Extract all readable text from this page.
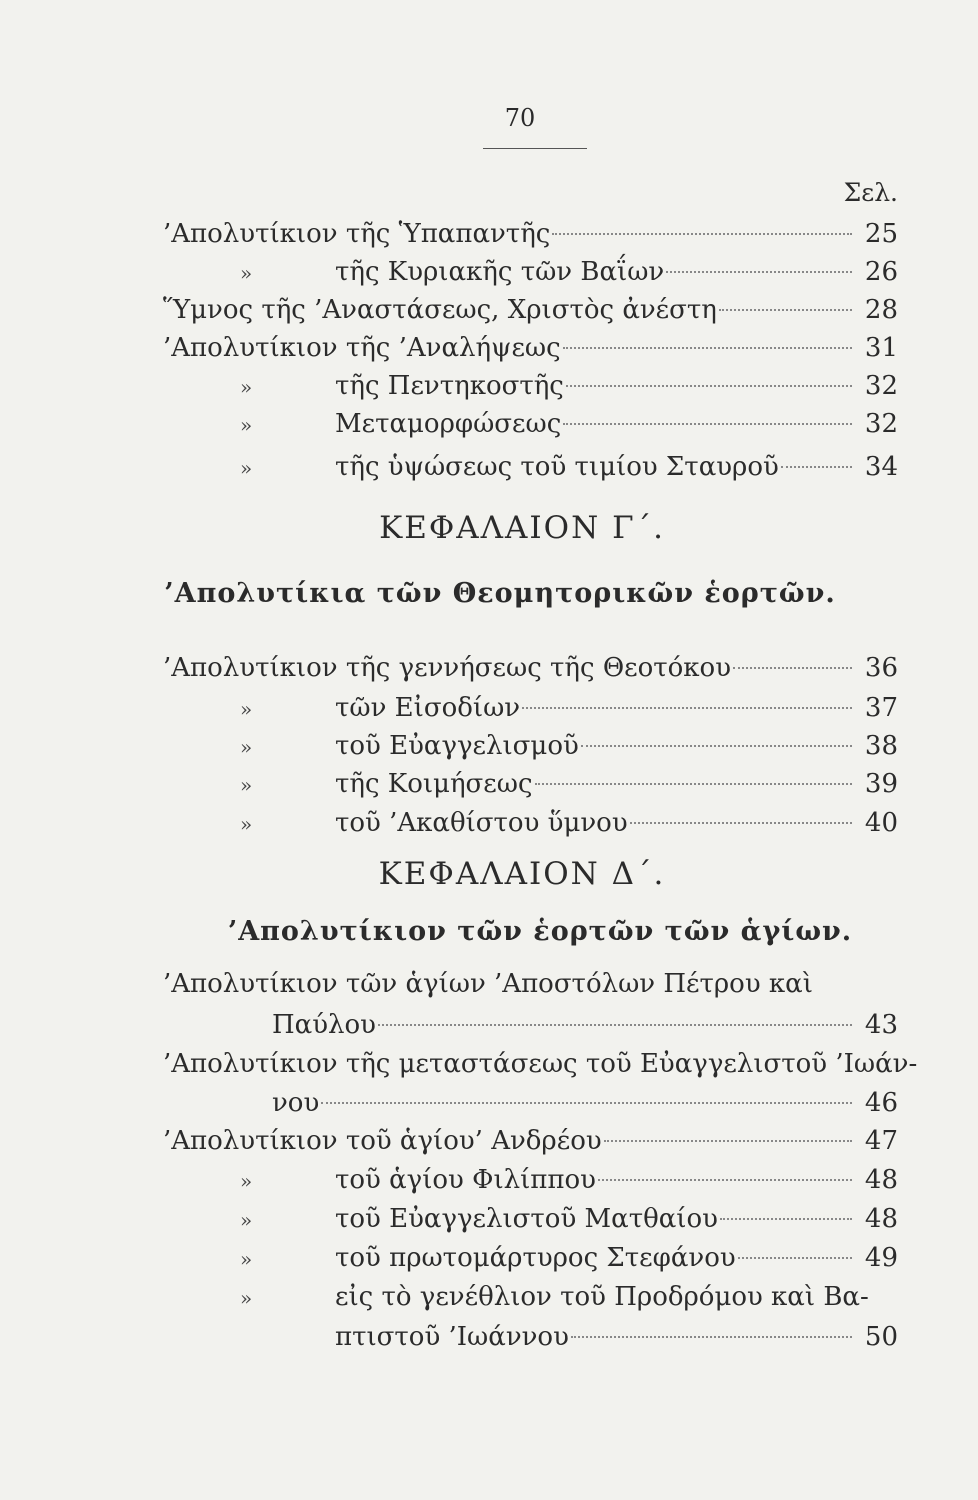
70
Σελ.
’Απολυτίκιον τῆς Ὑπαπαντῆς	25
»	τῆς Κυριακῆς τῶν Βαΐων	26
Ὕμνος τῆς ’Αναστάσεως, Χριστὸς ἀνέστη	28
’Απολυτίκιον τῆς ’Αναλήψεως	31
»	τῆς Πεντηκοστῆς	32
»	Μεταμορφώσεως	32
»	τῆς ὑψώσεως τοῦ τιμίου Σταυροῦ	34
ΚΕΦΑΛΑΙΟΝ Γ΄.
’Απολυτίκια τῶν Θεομητορικῶν ἑορτῶν.
’Απολυτίκιον τῆς γεννήσεως τῆς Θεοτόκου	36
»	τῶν Εἰσοδίων	37
»	τοῦ Εὐαγγελισμοῦ	38
»	τῆς Κοιμήσεως	39
»	τοῦ ’Ακαθίστου ὕμνου	40
ΚΕΦΑΛΑΙΟΝ Δ΄.
’Απολυτίκιον τῶν ἑορτῶν τῶν ἁγίων.
’Απολυτίκιον τῶν ἁγίων ’Αποστόλων Πέτρου καὶ
Παύλου	43
’Απολυτίκιον τῆς μεταστάσεως τοῦ Εὐαγγελιστοῦ ’Ιωάν-
νου	46
’Απολυτίκιον τοῦ ἁγίου’ Ανδρέου	47
»	τοῦ ἁγίου Φιλίππου	48
»	τοῦ Εὐαγγελιστοῦ Ματθαίου	48
»	τοῦ πρωτομάρτυρος Στεφάνου	49
»	εἰς τὸ γενέθλιον τοῦ Προδρόμου καὶ Βα-
πτιστοῦ ’Ιωάννου	50
